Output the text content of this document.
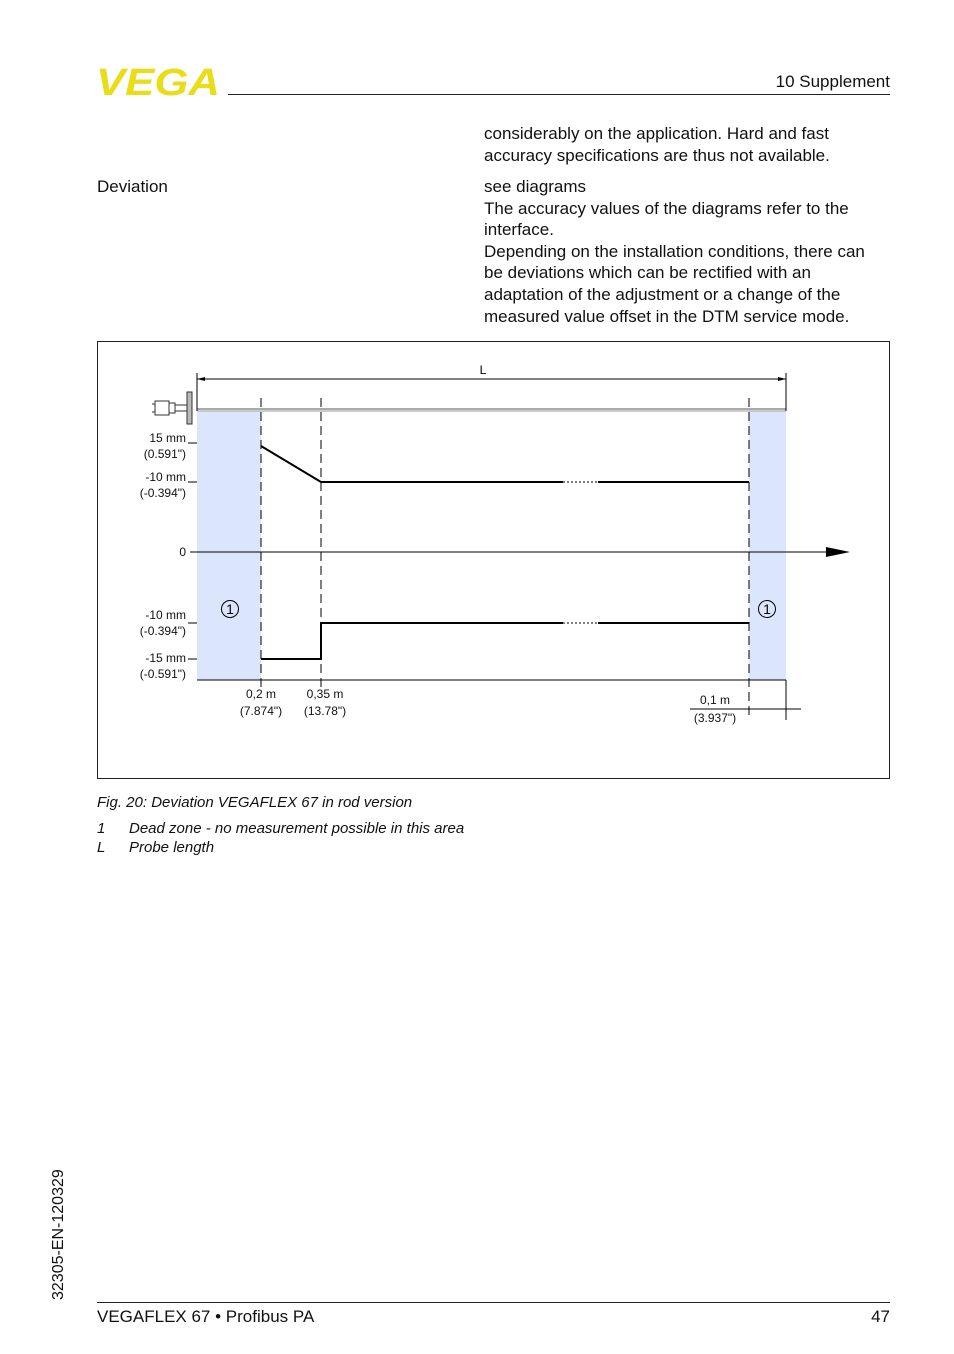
VEGA	10 Supplement
considerably on the application. Hard and fast
accuracy specifications are thus not available.
Deviation	see diagrams
The accuracy values of the diagrams refer to the
interface.
Depending on the installation conditions, there can
be deviations which can be rectified with an
adaptation of the adjustment or a change of the
measured value offset in the DTM service mode.
L
15 mm
(0.591")
-10 mm
(-0.394")
0
-10 mm
(-0.394")
-15 mm
(-0.591")
1	1
0,2 m
(7.874")
0,35 m
(13.78")
0,1 m
(3.937")
Fig. 20: Deviation VEGAFLEX 67 in rod version
1	Dead zone - no measurement possible in this area
L	Probe length
32305-EN-120329
VEGAFLEX 67 • Profibus PA	47
